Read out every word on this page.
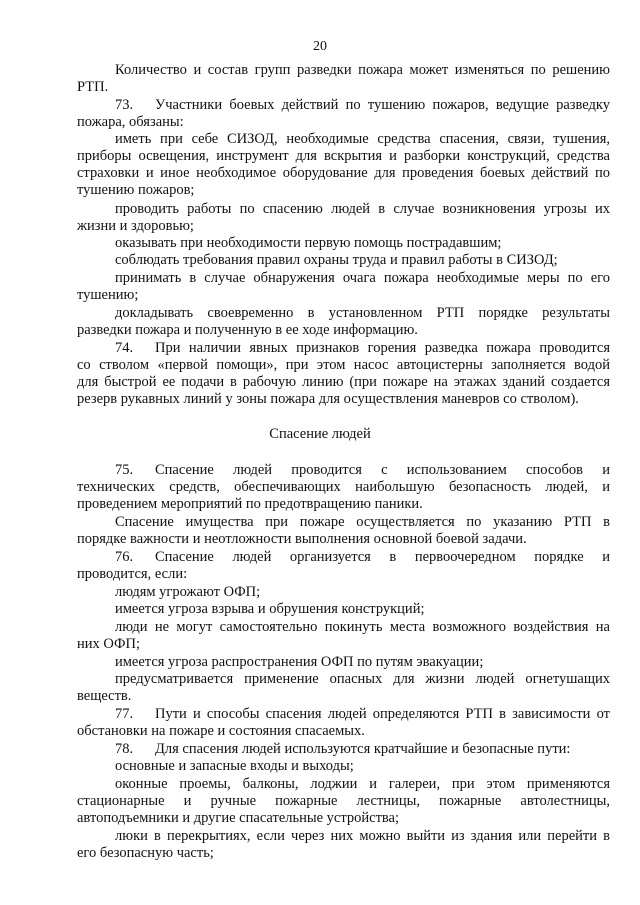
20
Количество и состав групп разведки пожара может изменяться по решению
РТП.
73. Участники боевых действий по тушению пожаров, ведущие разведку
пожара, обязаны:
иметь при себе СИЗОД, необходимые средства спасения, связи, тушения,
приборы освещения, инструмент для вскрытия и разборки конструкций, средства
страховки и иное необходимое оборудование для проведения боевых действий по
тушению пожаров;
проводить работы по спасению людей в случае возникновения угрозы их
жизни и здоровью;
оказывать при необходимости первую помощь пострадавшим;
соблюдать требования правил охраны труда и правил работы в СИЗОД;
принимать в случае обнаружения очага пожара необходимые меры по его
тушению;
докладывать своевременно в установленном РТП порядке результаты
разведки пожара и полученную в ее ходе информацию.
74. При наличии явных признаков горения разведка пожара проводится
со стволом «первой помощи», при этом насос автоцистерны заполняется водой
для быстрой ее подачи в рабочую линию (при пожаре на этажах зданий создается
резерв рукавных линий у зоны пожара для осуществления маневров со стволом).
Спасение людей
75. Спасение людей проводится с использованием способов и
технических средств, обеспечивающих наибольшую безопасность людей, и
проведением мероприятий по предотвращению паники.
Спасение имущества при пожаре осуществляется по указанию РТП в
порядке важности и неотложности выполнения основной боевой задачи.
76. Спасение людей организуется в первоочередном порядке и
проводится, если:
людям угрожают ОФП;
имеется угроза взрыва и обрушения конструкций;
люди не могут самостоятельно покинуть места возможного воздействия на
них ОФП;
имеется угроза распространения ОФП по путям эвакуации;
предусматривается применение опасных для жизни людей огнетушащих
веществ.
77. Пути и способы спасения людей определяются РТП в зависимости от
обстановки на пожаре и состояния спасаемых.
78. Для спасения людей используются кратчайшие и безопасные пути:
основные и запасные входы и выходы;
оконные проемы, балконы, лоджии и галереи, при этом применяются
стационарные и ручные пожарные лестницы, пожарные автолестницы,
автоподъемники и другие спасательные устройства;
люки в перекрытиях, если через них можно выйти из здания или перейти в
его безопасную часть;
